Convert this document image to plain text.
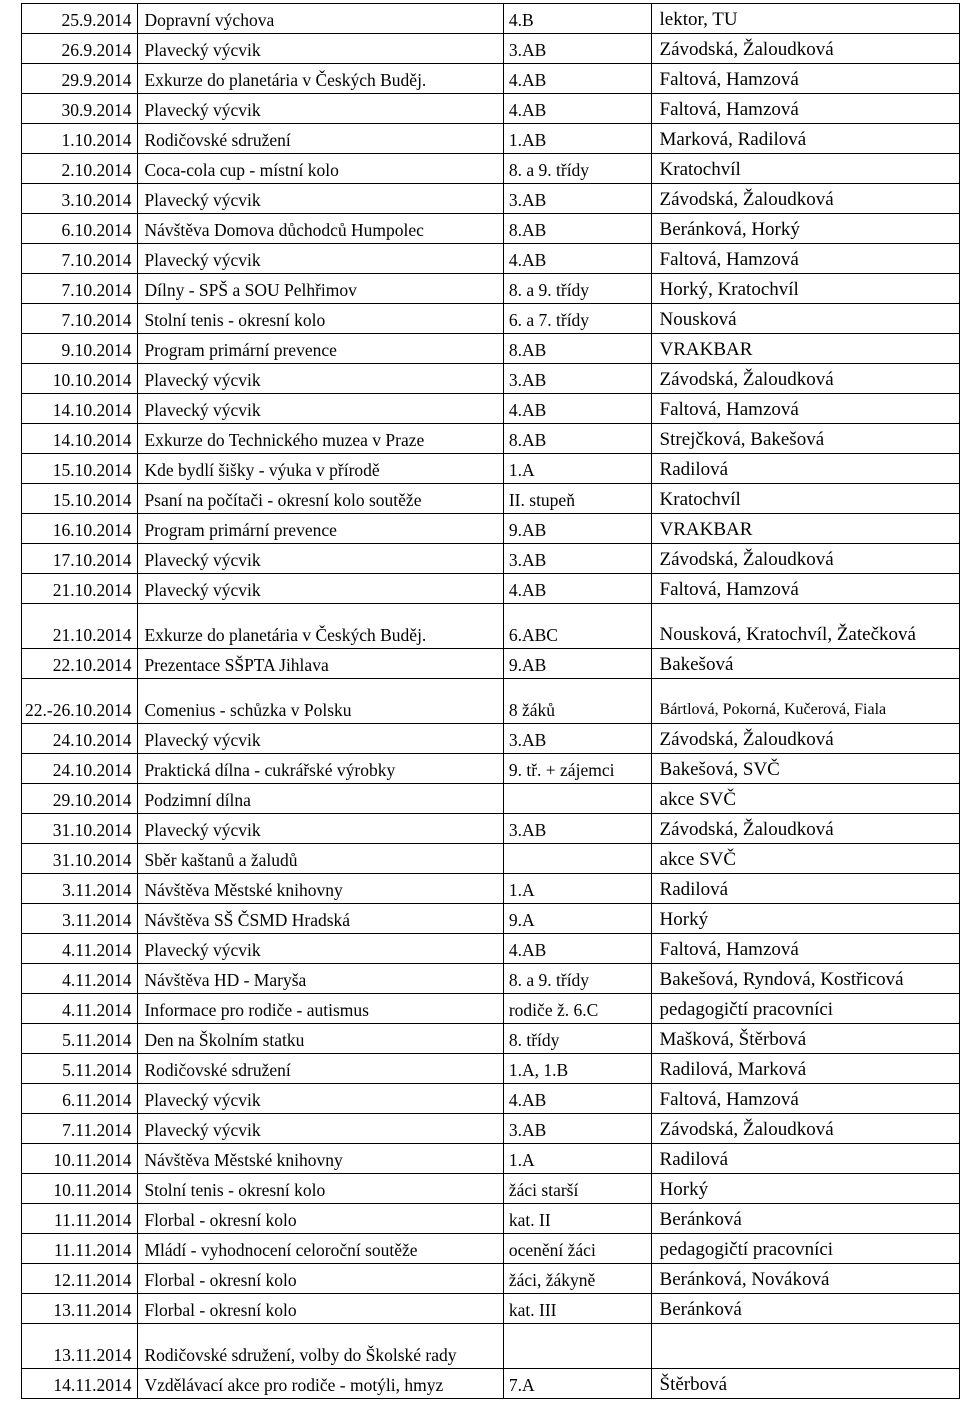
25.9.2014	Dopravní výchova	4.B	lektor, TU
26.9.2014	Plavecký výcvik	3.AB	Závodská, Žaloudková
29.9.2014	Exkurze do planetária v Českých Buděj.	4.AB	Faltová, Hamzová
30.9.2014	Plavecký výcvik	4.AB	Faltová, Hamzová
1.10.2014	Rodičovské sdružení	1.AB	Marková, Radilová
2.10.2014	Coca-cola cup - místní kolo	8. a 9. třídy	Kratochvíl
3.10.2014	Plavecký výcvik	3.AB	Závodská, Žaloudková
6.10.2014	Návštěva Domova důchodců Humpolec	8.AB	Beránková, Horký
7.10.2014	Plavecký výcvik	4.AB	Faltová, Hamzová
7.10.2014	Dílny - SPŠ a SOU Pelhřimov	8. a 9. třídy	Horký, Kratochvíl
7.10.2014	Stolní tenis - okresní kolo	6. a 7. třídy	Nousková
9.10.2014	Program primární prevence	8.AB	VRAKBAR
10.10.2014	Plavecký výcvik	3.AB	Závodská, Žaloudková
14.10.2014	Plavecký výcvik	4.AB	Faltová, Hamzová
14.10.2014	Exkurze do Technického muzea v Praze	8.AB	Strejčková, Bakešová
15.10.2014	Kde bydlí šišky - výuka v přírodě	1.A	Radilová
15.10.2014	Psaní na počítači - okresní kolo soutěže	II. stupeň	Kratochvíl
16.10.2014	Program primární prevence	9.AB	VRAKBAR
17.10.2014	Plavecký výcvik	3.AB	Závodská, Žaloudková
21.10.2014	Plavecký výcvik	4.AB	Faltová, Hamzová
21.10.2014	Exkurze do planetária v Českých Buděj.	6.ABC	Nousková, Kratochvíl, Žatečková
22.10.2014	Prezentace SŠPTA Jihlava	9.AB	Bakešová
22.-26.10.2014	Comenius - schůzka v Polsku	8 žáků	Bártlová, Pokorná, Kučerová, Fiala
24.10.2014	Plavecký výcvik	3.AB	Závodská, Žaloudková
24.10.2014	Praktická dílna - cukrářské výrobky	9. tř. + zájemci	Bakešová, SVČ
29.10.2014	Podzimní dílna		akce SVČ
31.10.2014	Plavecký výcvik	3.AB	Závodská, Žaloudková
31.10.2014	Sběr kaštanů a žaludů		akce SVČ
3.11.2014	Návštěva Městské knihovny	1.A	Radilová
3.11.2014	Návštěva SŠ ČSMD Hradská	9.A	Horký
4.11.2014	Plavecký výcvik	4.AB	Faltová, Hamzová
4.11.2014	Návštěva HD - Maryša	8. a 9. třídy	Bakešová, Ryndová, Kostřicová
4.11.2014	Informace pro rodiče - autismus	rodiče ž. 6.C	pedagogičtí pracovníci
5.11.2014	Den na Školním statku	8. třídy	Mašková, Štěrbová
5.11.2014	Rodičovské sdružení	1.A, 1.B	Radilová, Marková
6.11.2014	Plavecký výcvik	4.AB	Faltová, Hamzová
7.11.2014	Plavecký výcvik	3.AB	Závodská, Žaloudková
10.11.2014	Návštěva Městské knihovny	1.A	Radilová
10.11.2014	Stolní tenis - okresní kolo	žáci starší	Horký
11.11.2014	Florbal - okresní kolo	kat. II	Beránková
11.11.2014	Mládí - vyhodnocení celoroční soutěže	ocenění žáci	pedagogičtí pracovníci
12.11.2014	Florbal - okresní kolo	žáci, žákyně	Beránková, Nováková
13.11.2014	Florbal - okresní kolo	kat. III	Beránková
13.11.2014	Rodičovské sdružení, volby do Školské rady		
14.11.2014	Vzdělávací akce pro rodiče - motýli, hmyz	7.A	Štěrbová
